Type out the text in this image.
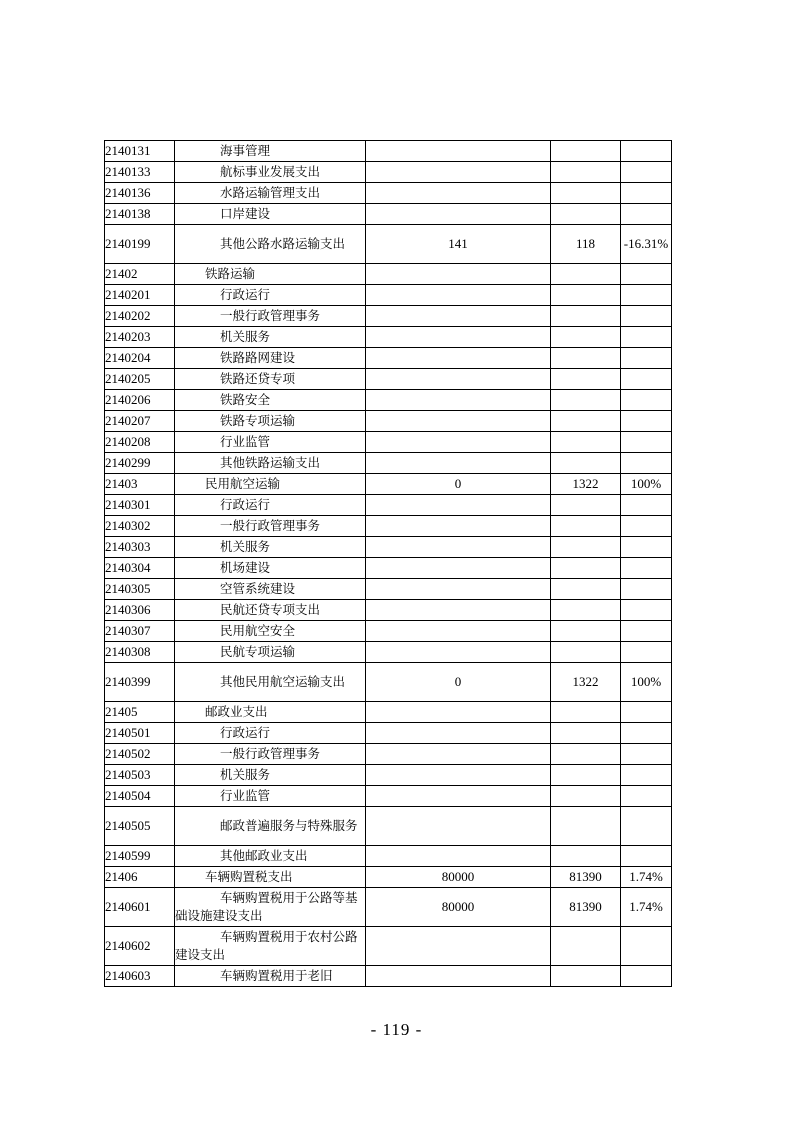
2140131	海事管理			

2140133	航标事业发展支出			

2140136	水路运输管理支出			

2140138	口岸建设			

2140199	其他公路水路运输支出	141	118	-16.31%
21402	铁路运输			

2140201	行政运行			

2140202	一般行政管理事务			

2140203	机关服务			

2140204	铁路路网建设			

2140205	铁路还贷专项			

2140206	铁路安全			

2140207	铁路专项运输			

2140208	行业监管			

2140299	其他铁路运输支出			

21403	民用航空运输	0	1322	100%
2140301	行政运行			

2140302	一般行政管理事务			

2140303	机关服务			

2140304	机场建设			

2140305	空管系统建设			

2140306	民航还贷专项支出			

2140307	民用航空安全			

2140308	民航专项运输			

2140399	其他民用航空运输支出	0	1322	100%
21405	邮政业支出			

2140501	行政运行			

2140502	一般行政管理事务			

2140503	机关服务			

2140504	行业监管			

2140505	邮政普遍服务与特殊服务			

2140599	其他邮政业支出			

21406	车辆购置税支出	80000	81390	1.74%
2140601	车辆购置税用于公路等基础设施建设支出	80000	81390	1.74%
2140602	车辆购置税用于农村公路建设支出			

2140603	车辆购置税用于老旧			

- 119 -
